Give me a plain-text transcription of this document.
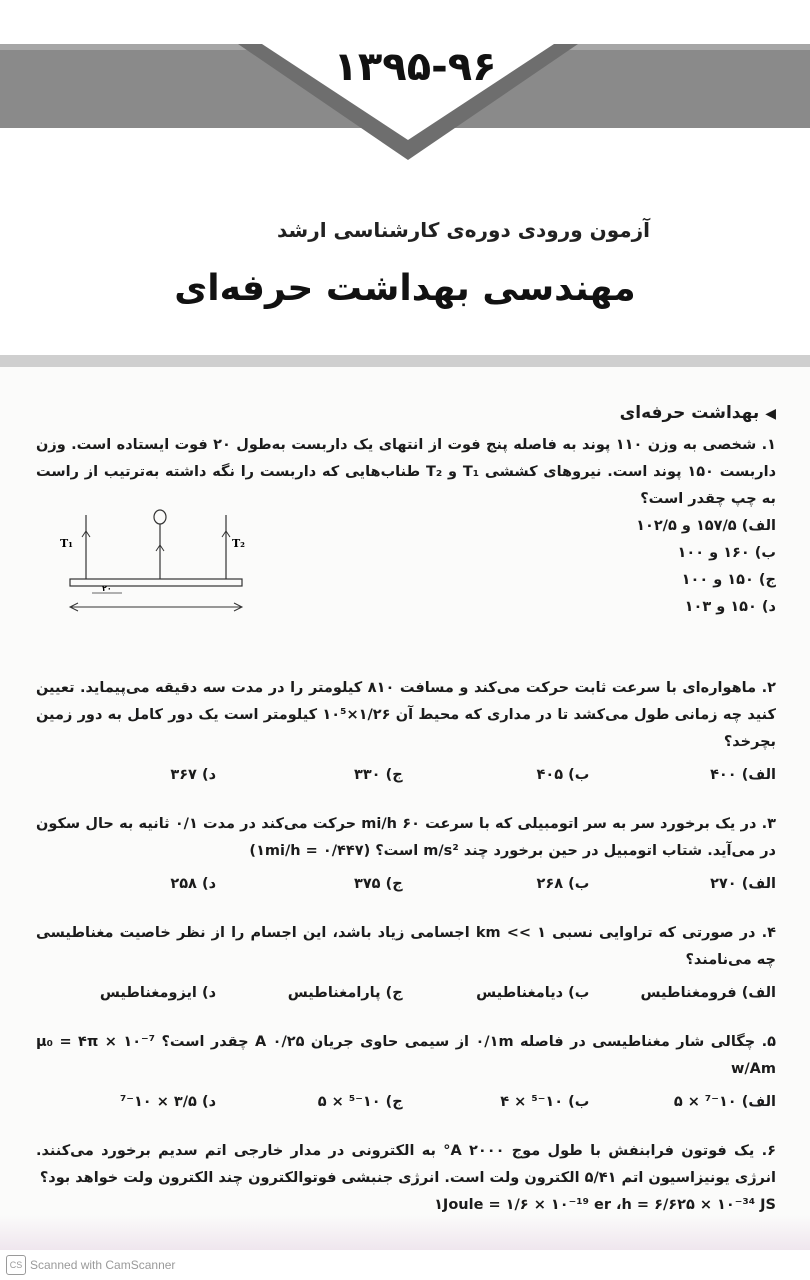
۱۳۹۵-۹۶
آزمون ورودی دوره‌ی کارشناسی ارشد
مهندسی بهداشت حرفه‌ای
◀بهداشت حرفه‌ای
۱. شخصی به وزن ۱۱۰ پوند به فاصله پنج فوت از انتهای یک داربست به‌طول ۲۰ فوت ایستاده است. وزن داربست ۱۵۰ پوند است. نیروهای کششی T₁ و T₂ طناب‌هایی که داربست را نگه داشته به‌ترتیب از راست به چپ چقدر است؟
الف) ۱۵۷/۵ و ۱۰۲/۵
ب) ۱۶۰ و ۱۰۰
ج) ۱۵۰ و ۱۰۰
د) ۱۵۰ و ۱۰۳
T₁	T₂
۲۰
۲. ماهواره‌ای با سرعت ثابت حرکت می‌کند و مسافت ۸۱۰ کیلومتر را در مدت سه دقیقه می‌پیماید. تعیین کنید چه زمانی طول می‌کشد تا در مداری که محیط آن ۱/۲۶×۱۰⁵ کیلومتر است یک دور کامل به دور زمین بچرخد؟
الف) ۴۰۰
ب) ۴۰۵
ج) ۳۳۰
د) ۳۶۷
۳. در یک برخورد سر به سر اتومبیلی که با سرعت ۶۰ mi/h حرکت می‌کند در مدت ۰/۱ ثانیه به حال سکون در می‌آید. شتاب اتومبیل در حین برخورد چند m/s² است؟ (۱mi/h = ۰/۴۴۷)
الف) ۲۷۰
ب) ۲۶۸
ج) ۳۷۵
د) ۲۵۸
۴. در صورتی که تراوایی نسبی ۱ >> km اجسامی زیاد باشد، این اجسام را از نظر خاصیت مغناطیسی چه می‌نامند؟
الف) فرومغناطیس
ب) دیامغناطیس
ج) پارامغناطیس
د) ایزومغناطیس
۵. چگالی شار مغناطیسی در فاصله ۰/۱m از سیمی حاوی جریان ۰/۲۵ A چقدر است؟ μ₀ = ۴π × ۱۰⁻⁷ w/Am
الف) ۱۰⁻⁷ × ۵
ب) ۱۰⁻⁵ × ۴
ج) ۱۰⁻⁵ × ۵
د) ۳/۵ × ۱۰⁻⁷
۶. یک فوتون فرابنفش با طول موج ۲۰۰۰ A° به الکترونی در مدار خارجی اتم سدیم برخورد می‌کنند. انرژی یونیزاسیون اتم ۵/۴۱ الکترون ولت است. انرژی جنبشی فوتوالکترون چند الکترون ولت خواهد بود؟
۱Joule = ۱/۶ × ۱۰⁻¹⁹ er ،h = ۶/۶۲۵ × ۱۰⁻³⁴ JS
CS Scanned with CamScanner
